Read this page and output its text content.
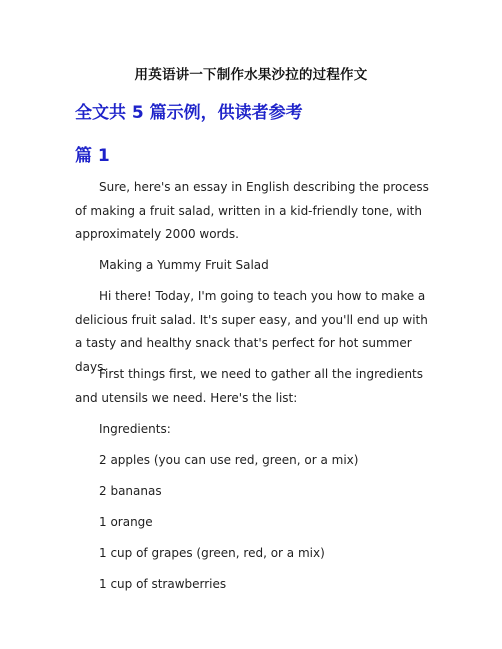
用英语讲一下制作水果沙拉的过程作文
全文共 5 篇示例，供读者参考
篇 1
Sure, here's an essay in English describing the process of making a fruit salad, written in a kid-friendly tone, with approximately 2000 words.
Making a Yummy Fruit Salad
Hi there! Today, I'm going to teach you how to make a delicious fruit salad. It's super easy, and you'll end up with a tasty and healthy snack that's perfect for hot summer days.
First things first, we need to gather all the ingredients and utensils we need. Here's the list:
Ingredients:
2 apples (you can use red, green, or a mix)
2 bananas
1 orange
1 cup of grapes (green, red, or a mix)
1 cup of strawberries
